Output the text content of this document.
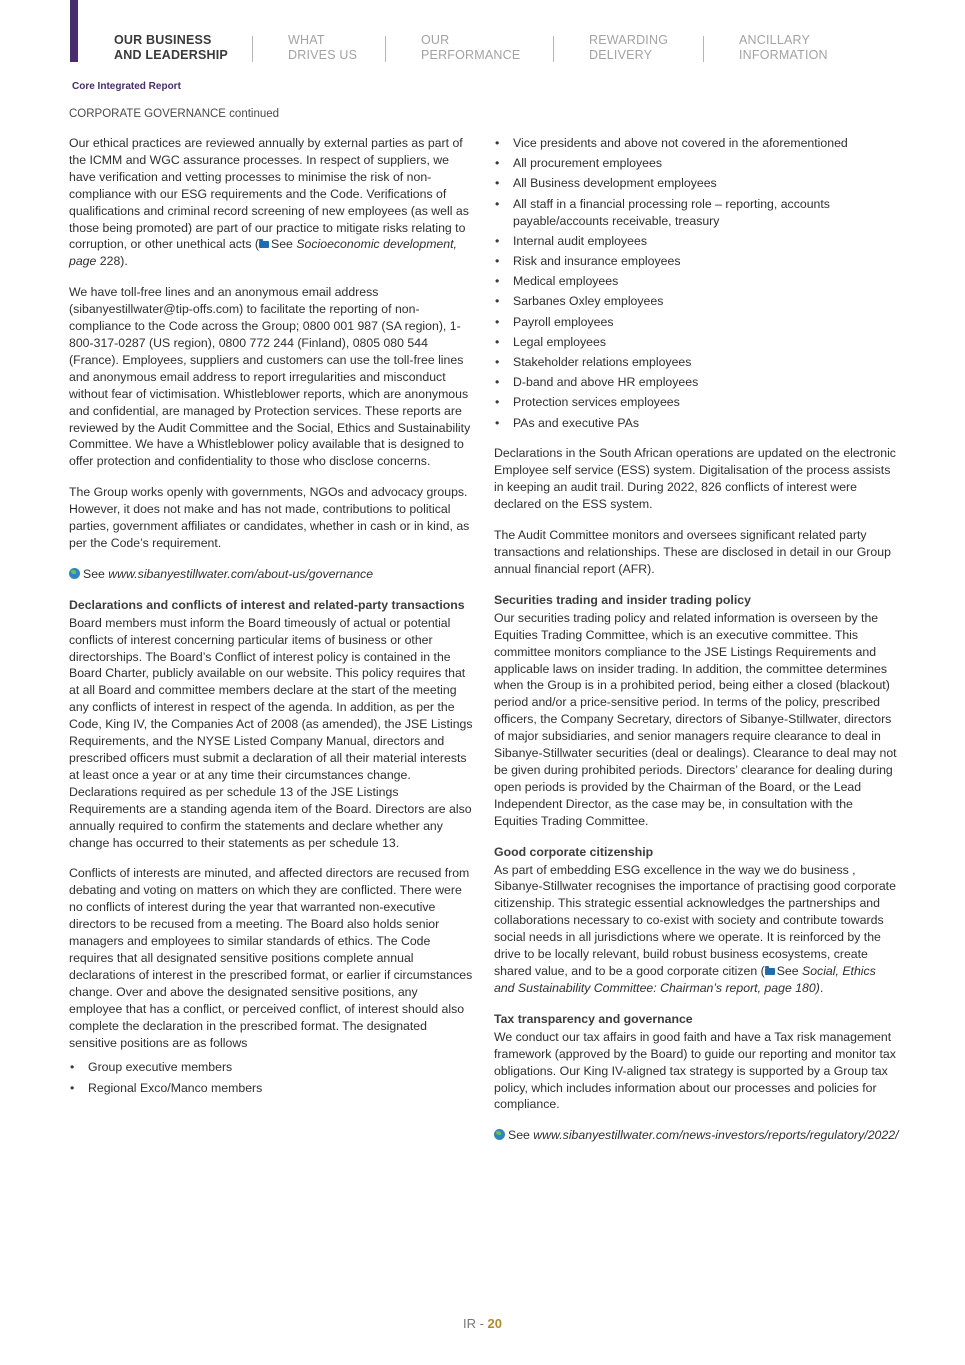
OUR BUSINESS
AND LEADERSHIP
WHAT
DRIVES US
OUR
PERFORMANCE
REWARDING
DELIVERY
ANCILLARY
INFORMATION
Core Integrated Report
CORPORATE GOVERNANCE continued

Our ethical practices are reviewed annually by external parties as part of the ICMM and WGC assurance processes. In respect of suppliers, we have verification and vetting processes to minimise the risk of non-compliance with our ESG requirements and the Code. Verifications of qualifications and criminal record screening of new employees (as well as those being promoted) are part of our practice to mitigate risks relating to corruption, or other unethical acts ( See Socioeconomic development, page 228).

We have toll-free lines and an anonymous email address (sibanyestillwater@tip-offs.com) to facilitate the reporting of non-compliance to the Code across the Group; 0800 001 987 (SA region), 1-800-317-0287 (US region), 0800 772 244 (Finland), 0805 080 544 (France). Employees, suppliers and customers can use the toll-free lines and anonymous email address to report irregularities and misconduct without fear of victimisation. Whistleblower reports, which are anonymous and confidential, are managed by Protection services. These reports are reviewed by the Audit Committee and the Social, Ethics and Sustainability Committee. We have a Whistleblower policy available that is designed to offer protection and confidentiality to those who disclose concerns.

The Group works openly with governments, NGOs and advocacy groups. However, it does not make and has not made, contributions to political parties, government affiliates or candidates, whether in cash or in kind, as per the Code’s requirement.

See www.sibanyestillwater.com/about-us/governance

Declarations and conflicts of interest and related-party transactions

Board members must inform the Board timeously of actual or potential conflicts of interest concerning particular items of business or other directorships. The Board’s Conflict of interest policy is contained in the Board Charter, publicly available on our website. This policy requires that at all Board and committee members declare at the start of the meeting any conflicts of interest in respect of the agenda. In addition, as per the Code, King IV, the Companies Act of 2008 (as amended), the JSE Listings Requirements, and the NYSE Listed Company Manual, directors and prescribed officers must submit a declaration of all their material interests at least once a year or at any time their circumstances change. Declarations required as per schedule 13 of the JSE Listings Requirements are a standing agenda item of the Board. Directors are also annually required to confirm the statements and declare whether any change has occurred to their statements as per schedule 13.

Conflicts of interests are minuted, and affected directors are recused from debating and voting on matters on which they are conflicted. There were no conflicts of interest during the year that warranted non-executive directors to be recused from a meeting. The Board also holds senior managers and employees to similar standards of ethics. The Code requires that all designated sensitive positions complete annual declarations of interest in the prescribed format, or earlier if circumstances change. Over and above the designated sensitive positions, any employee that has a conflict, or perceived conflict, of interest should also complete the declaration in the prescribed format. The designated sensitive positions are as follows

• Group executive members
• Regional Exco/Manco members
• Vice presidents and above not covered in the aforementioned
• All procurement employees
• All Business development employees
• All staff in a financial processing role – reporting, accounts payable/accounts receivable, treasury
• Internal audit employees
• Risk and insurance employees
• Medical employees
• Sarbanes Oxley employees
• Payroll employees
• Legal employees
• Stakeholder relations employees
• D-band and above HR employees
• Protection services employees
• PAs and executive PAs

Declarations in the South African operations are updated on the electronic Employee self service (ESS) system. Digitalisation of the process assists in keeping an audit trail. During 2022, 826 conflicts of interest were declared on the ESS system.

The Audit Committee monitors and oversees significant related party transactions and relationships. These are disclosed in detail in our Group annual financial report (AFR).

Securities trading and insider trading policy

Our securities trading policy and related information is overseen by the Equities Trading Committee, which is an executive committee. This committee monitors compliance to the JSE Listings Requirements and applicable laws on insider trading. In addition, the committee determines when the Group is in a prohibited period, being either a closed (blackout) period and/or a price-sensitive period. In terms of the policy, prescribed officers, the Company Secretary, directors of Sibanye-Stillwater, directors of major subsidiaries, and senior managers require clearance to deal in Sibanye-Stillwater securities (deal or dealings). Clearance to deal may not be given during prohibited periods. Directors’ clearance for dealing during open periods is provided by the Chairman of the Board, or the Lead Independent Director, as the case may be, in consultation with the Equities Trading Committee.

Good corporate citizenship

As part of embedding ESG excellence in the way we do business , Sibanye-Stillwater recognises the importance of practising good corporate citizenship. This strategic essential acknowledges the partnerships and collaborations necessary to co-exist with society and contribute towards social needs in all jurisdictions where we operate. It is reinforced by the drive to be locally relevant, build robust business ecosystems, create shared value, and to be a good corporate citizen ( See Social, Ethics and Sustainability Committee: Chairman’s report, page 180).

Tax transparency and governance

We conduct our tax affairs in good faith and have a Tax risk management framework (approved by the Board) to guide our reporting and monitor tax obligations. Our King IV-aligned tax strategy is supported by a Group tax policy, which includes information about our processes and policies for compliance.

See www.sibanyestillwater.com/news-investors/reports/regulatory/2022/

IR - 20
